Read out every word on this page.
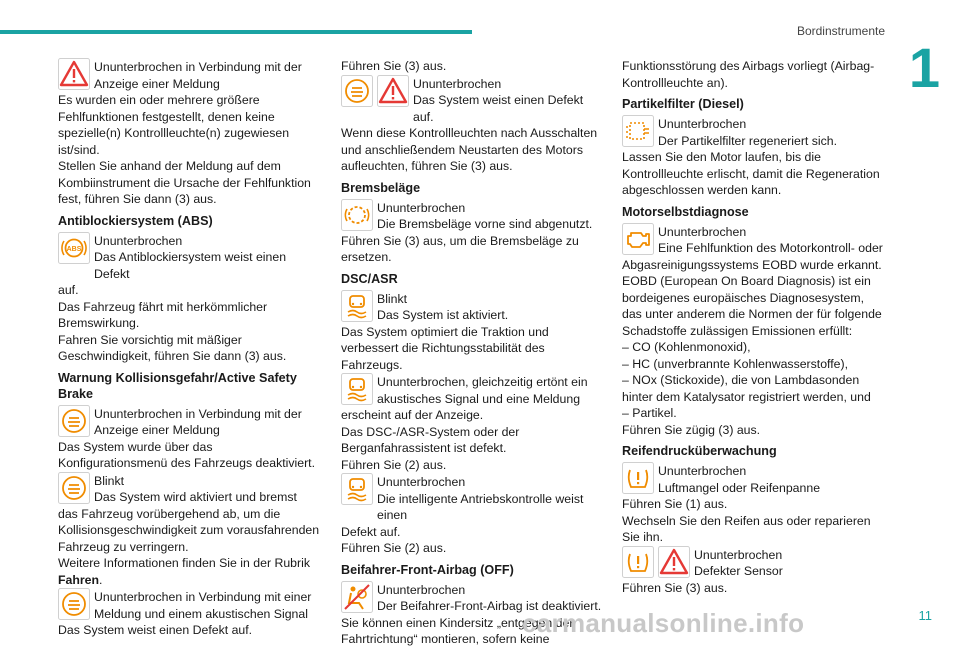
Bordinstrumente
1

Ununterbrochen in Verbindung mit der

Anzeige einer Meldung

Es wurden ein oder mehrere größere Fehlfunktionen festgestellt, denen keine spezielle(n) Kontrollleuchte(n) zugewiesen ist/sind.

Stellen Sie anhand der Meldung auf dem Kombiinstrument die Ursache der Fehlfunktion fest, führen Sie dann (3) aus.

Antiblockiersystem (ABS)

Ununterbrochen

Das Antiblockiersystem weist einen Defekt

auf.

Das Fahrzeug fährt mit herkömmlicher Bremswirkung.

Fahren Sie vorsichtig mit mäßiger Geschwindigkeit, führen Sie dann (3) aus.

Warnung Kollisionsgefahr/Active Safety Brake

Ununterbrochen in Verbindung mit der

Anzeige einer Meldung

Das System wurde über das Konfigurationsmenü des Fahrzeugs deaktiviert.

Blinkt

Das System wird aktiviert und bremst

das Fahrzeug vorübergehend ab, um die Kollisionsgeschwindigkeit zum vorausfahrenden Fahrzeug zu verringern.

Weitere Informationen finden Sie in der Rubrik Fahren.

Ununterbrochen in Verbindung mit einer

Meldung und einem akustischen Signal

Das System weist einen Defekt auf.

Führen Sie (3) aus.

Ununterbrochen

Das System weist einen Defekt auf.

Wenn diese Kontrollleuchten nach Ausschalten und anschließendem Neustarten des Motors aufleuchten, führen Sie (3) aus.

Bremsbeläge

Ununterbrochen

Die Bremsbeläge vorne sind abgenutzt.

Führen Sie (3) aus, um die Bremsbeläge zu ersetzen.

DSC/ASR

Blinkt

Das System ist aktiviert.

Das System optimiert die Traktion und verbessert die Richtungsstabilität des Fahrzeugs.

Ununterbrochen, gleichzeitig ertönt ein

akustisches Signal und eine Meldung

erscheint auf der Anzeige.

Das DSC-/ASR-System oder der Berganfahrassistent ist defekt.

Führen Sie (2) aus.

Ununterbrochen

Die intelligente Antriebskontrolle weist einen

Defekt auf.

Führen Sie (2) aus.

Beifahrer-Front-Airbag (OFF)

Ununterbrochen

Der Beifahrer-Front-Airbag ist deaktiviert.

Sie können einen Kindersitz „entgegen der Fahrtrichtung“ montieren, sofern keine

Funktionsstörung des Airbags vorliegt (Airbag-Kontrollleuchte an).

Partikelfilter (Diesel)

Ununterbrochen

Der Partikelfilter regeneriert sich.

Lassen Sie den Motor laufen, bis die Kontrollleuchte erlischt, damit die Regeneration abgeschlossen werden kann.

Motorselbstdiagnose

Ununterbrochen

Eine Fehlfunktion des Motorkontroll- oder

Abgasreinigungssystems EOBD wurde erkannt.

EOBD (European On Board Diagnosis) ist ein bordeigenes europäisches Diagnosesystem, das unter anderem die Normen der für folgende Schadstoffe zulässigen Emissionen erfüllt:

– CO (Kohlenmonoxid),

– HC (unverbrannte Kohlenwasserstoffe),

– NOx (Stickoxide), die von Lambdasonden hinter dem Katalysator registriert werden, und

– Partikel.

Führen Sie zügig (3) aus.

Reifendrucküberwachung

Ununterbrochen

Luftmangel oder Reifenpanne

Führen Sie (1) aus.

Wechseln Sie den Reifen aus oder reparieren Sie ihn.

Ununterbrochen

Defekter Sensor

Führen Sie (3) aus.

carmanualsonline.info	11
